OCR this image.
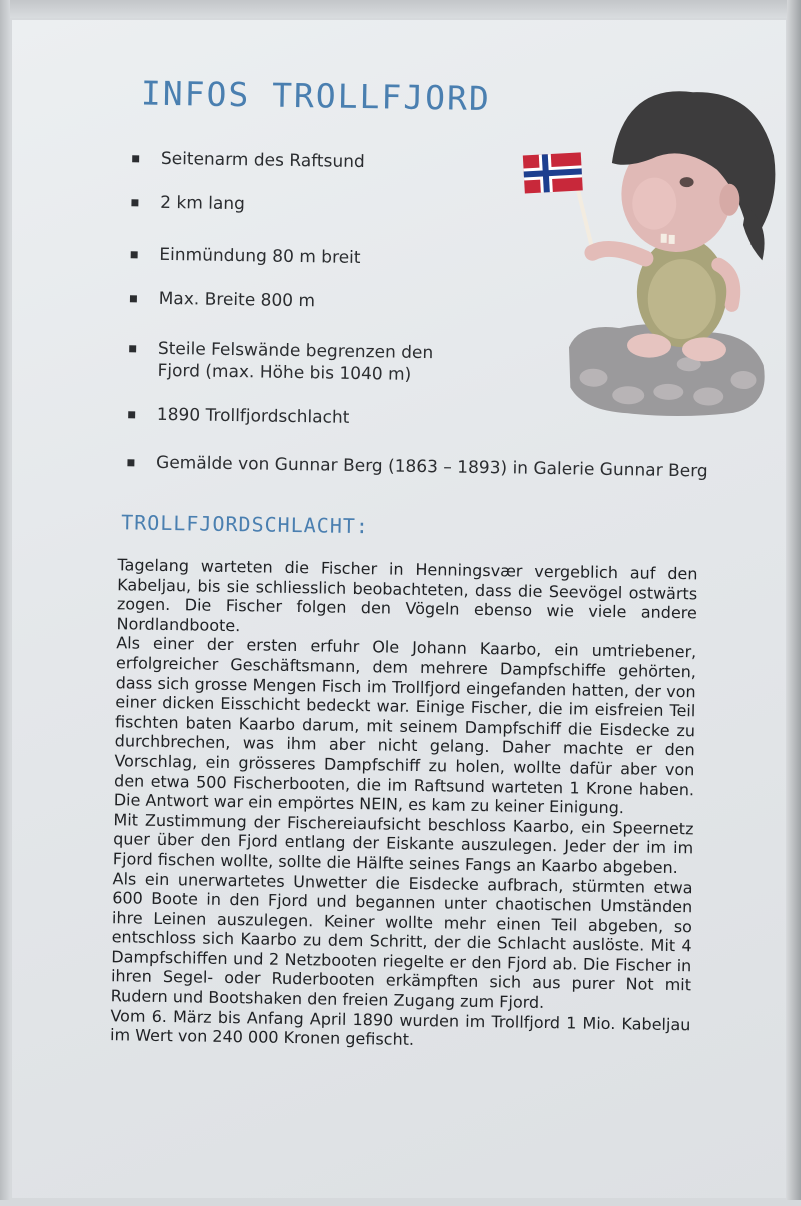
INFOS TROLLFJORD
▪ Seitenarm des Raftsund
▪ 2 km lang
▪ Einmündung 80 m breit
▪ Max. Breite 800 m
▪ Steile Felswände begrenzen den Fjord (max. Höhe bis 1040 m)
▪ 1890 Trollfjordschlacht
▪ Gemälde von Gunnar Berg (1863 – 1893) in Galerie Gunnar Berg
TROLLFJORDSCHLACHT:

Tagelang warteten die Fischer in Henningsvær vergeblich auf den Kabeljau, bis sie schliesslich beobachteten, dass die Seevögel ostwärts zogen. Die Fischer folgen den Vögeln ebenso wie viele andere Nordlandboote.

Als einer der ersten erfuhr Ole Johann Kaarbo, ein umtriebener, erfolgreicher Geschäftsmann, dem mehrere Dampfschiffe gehörten, dass sich grosse Mengen Fisch im Trollfjord eingefanden hatten, der von einer dicken Eisschicht bedeckt war. Einige Fischer, die im eisfreien Teil fischten baten Kaarbo darum, mit seinem Dampfschiff die Eisdecke zu durchbrechen, was ihm aber nicht gelang. Daher machte er den Vorschlag, ein grösseres Dampfschiff zu holen, wollte dafür aber von den etwa 500 Fischerbooten, die im Raftsund warteten 1 Krone haben. Die Antwort war ein empörtes NEIN, es kam zu keiner Einigung.

Mit Zustimmung der Fischereiaufsicht beschloss Kaarbo, ein Speernetz quer über den Fjord entlang der Eiskante auszulegen. Jeder der im im Fjord fischen wollte, sollte die Hälfte seines Fangs an Kaarbo abgeben.

Als ein unerwartetes Unwetter die Eisdecke aufbrach, stürmten etwa 600 Boote in den Fjord und begannen unter chaotischen Umständen ihre Leinen auszulegen. Keiner wollte mehr einen Teil abgeben, so entschloss sich Kaarbo zu dem Schritt, der die Schlacht auslöste. Mit 4 Dampfschiffen und 2 Netzbooten riegelte er den Fjord ab. Die Fischer in ihren Segel- oder Ruderbooten erkämpften sich aus purer Not mit Rudern und Bootshaken den freien Zugang zum Fjord.

Vom 6. März bis Anfang April 1890 wurden im Trollfjord 1 Mio. Kabeljau im Wert von 240 000 Kronen gefischt.
